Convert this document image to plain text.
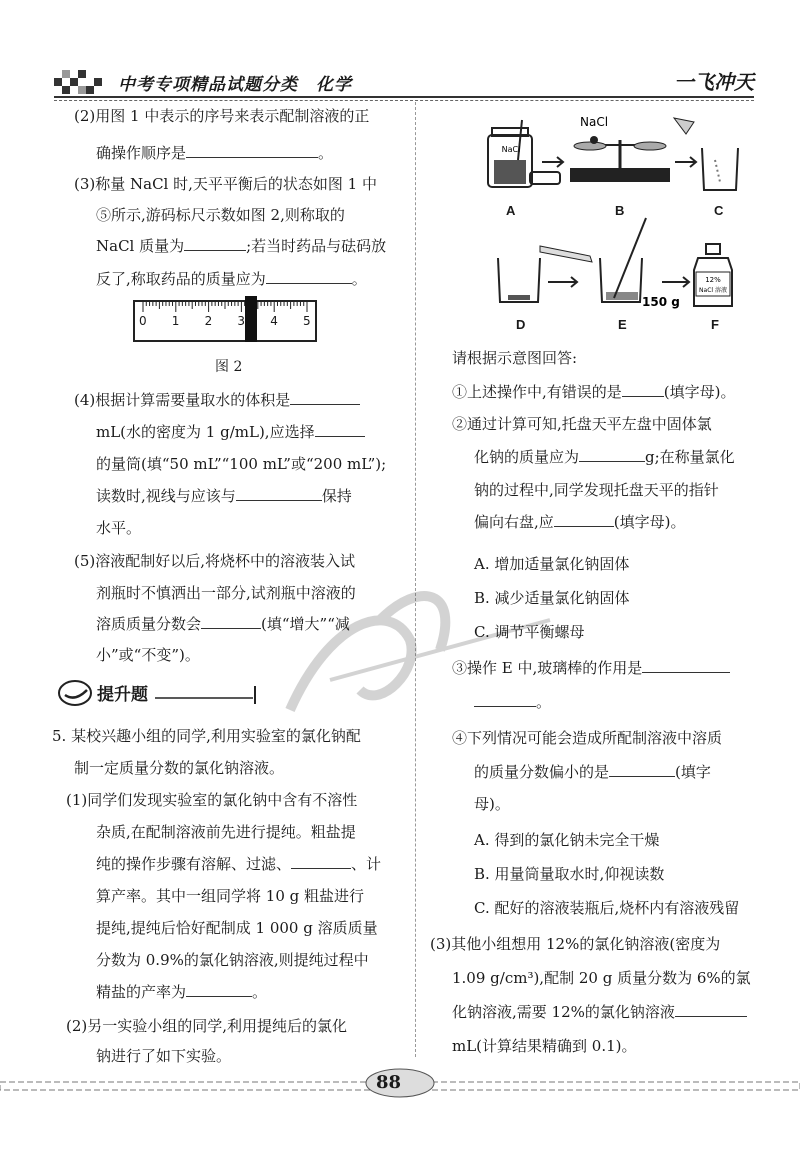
中考专项精品试题分类　化学	一飞冲天
(2)用图 1 中表示的序号来表示配制溶液的正
确操作顺序是	。
(3)称量 NaCl 时,天平平衡后的状态如图 1 中
⑤所示,游码标尺示数如图 2,则称取的
NaCl 质量为	;若当时药品与砝码放
反了,称取药品的质量应为	。
0 1 2 3 4 5
图 2
(4)根据计算需要量取水的体积是
mL(水的密度为 1 g/mL),应选择
的量筒(填“50 mL”“100 mL”或“200 mL”);
读数时,视线与应该与	保持
水平。
(5)溶液配制好以后,将烧杯中的溶液装入试
剂瓶时不慎洒出一部分,试剂瓶中溶液的
溶质质量分数会	(填“增大”“减
小”或“不变”)。
提升题
5. 某校兴趣小组的同学,利用实验室的氯化钠配
制一定质量分数的氯化钠溶液。
(1)同学们发现实验室的氯化钠中含有不溶性
杂质,在配制溶液前先进行提纯。粗盐提
纯的操作步骤有溶解、过滤、	、计
算产率。其中一组同学将 10 g 粗盐进行
提纯,提纯后恰好配制成 1 000 g 溶质质量
分数为 0.9%的氯化钠溶液,则提纯过程中
精盐的产率为	。
(2)另一实验小组的同学,利用提纯后的氯化
钠进行了如下实验。
NaCl
NaCl
150 g
12%
NaCl 溶液
A	B	C
D	E	F
请根据示意图回答:
①上述操作中,有错误的是	(填字母)。
②通过计算可知,托盘天平左盘中固体氯
化钠的质量应为	g;在称量氯化
钠的过程中,同学发现托盘天平的指针
偏向右盘,应	(填字母)。
A. 增加适量氯化钠固体
B. 减少适量氯化钠固体
C. 调节平衡螺母
③操作 E 中,玻璃棒的作用是
。
④下列情况可能会造成所配制溶液中溶质
的质量分数偏小的是	(填字
母)。
A. 得到的氯化钠未完全干燥
B. 用量筒量取水时,仰视读数
C. 配好的溶液装瓶后,烧杯内有溶液残留
(3)其他小组想用 12%的氯化钠溶液(密度为
1.09 g/cm³),配制 20 g 质量分数为 6%的氯
化钠溶液,需要 12%的氯化钠溶液
mL(计算结果精确到 0.1)。
88
